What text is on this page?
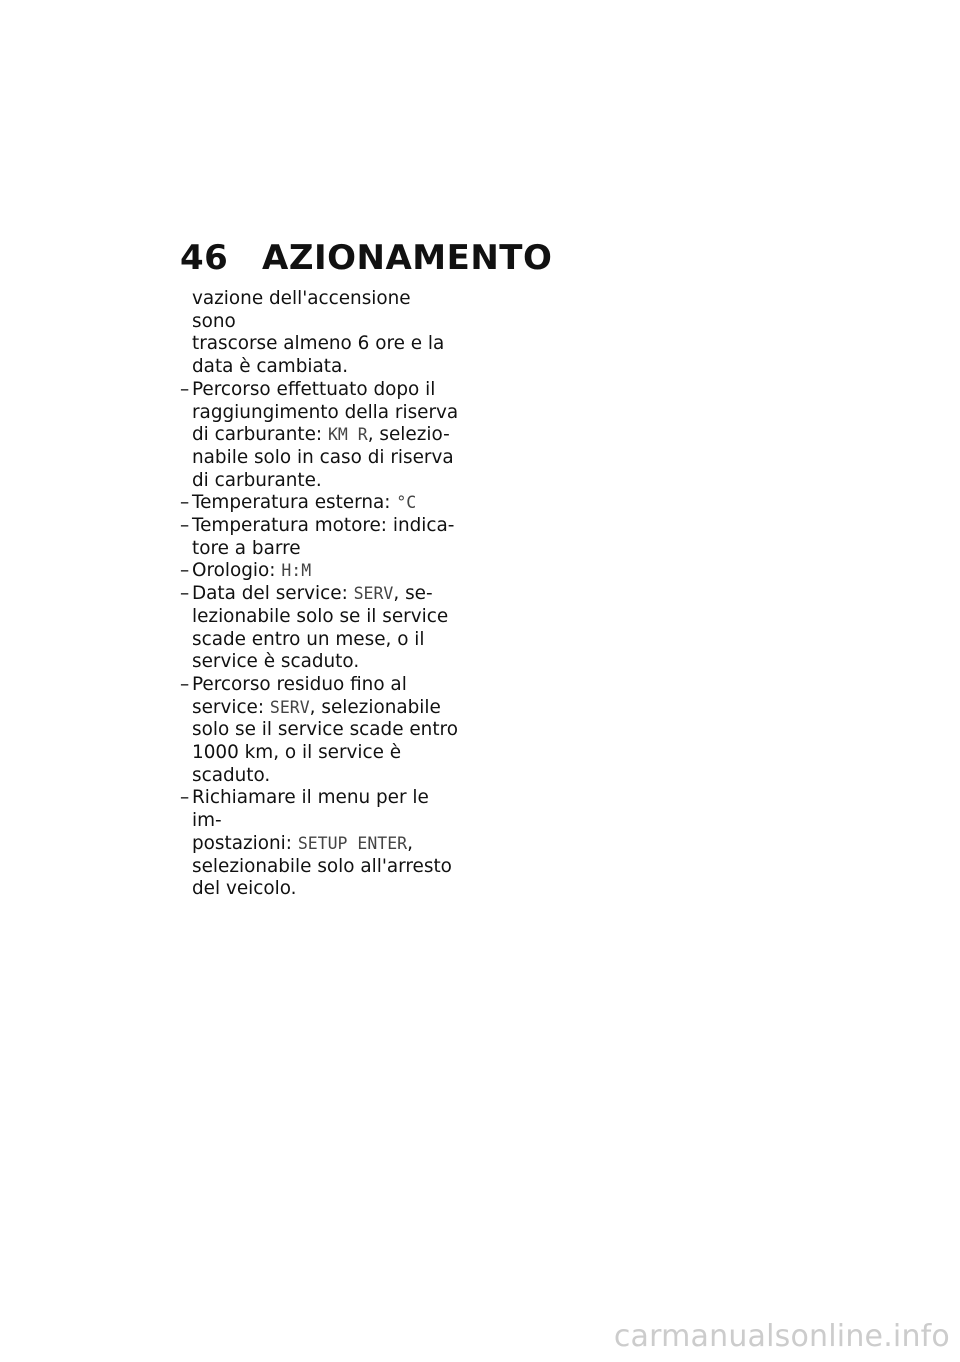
46 AZIONAMENTO
vazione dell'accensione sono
trascorse almeno 6 ore e la
data è cambiata.
– Percorso effettuato dopo il
raggiungimento della riserva
di carburante: KM R, selezio-
nabile solo in caso di riserva
di carburante.
– Temperatura esterna: °C
– Temperatura motore: indica-
tore a barre
– Orologio: H:M
– Data del service: SERV, se-
lezionabile solo se il service
scade entro un mese, o il
service è scaduto.
– Percorso residuo fino al
service: SERV, selezionabile
solo se il service scade entro
1000 km, o il service è
scaduto.
– Richiamare il menu per le im-
postazioni: SETUP ENTER,
selezionabile solo all'arresto
del veicolo.
carmanualsonline.info
